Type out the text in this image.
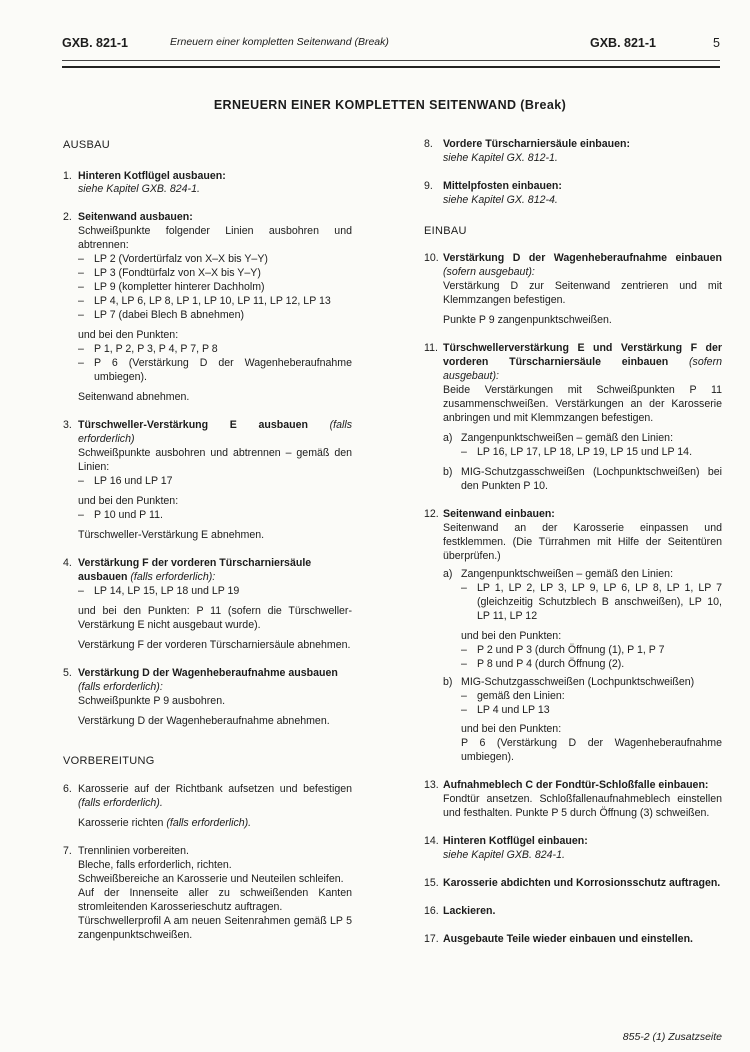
GXB. 821-1	Erneuern einer kompletten Seitenwand (Break)	GXB. 821-1	5
ERNEUERN EINER KOMPLETTEN SEITENWAND (Break)
AUSBAU
1. Hinteren Kotflügel ausbauen:

siehe Kapitel GXB. 824-1.

2. Seitenwand ausbauen:

Schweißpunkte folgender Linien ausbohren und abtrennen:

– LP 2 (Vordertürfalz von X–X bis Y–Y)

– LP 3 (Fondtürfalz von X–X bis Y–Y)

– LP 9 (kompletter hinterer Dachholm)

– LP 4, LP 6, LP 8, LP 1, LP 10, LP 11, LP 12, LP 13

– LP 7 (dabei Blech B abnehmen)

und bei den Punkten:

– P 1, P 2, P 3, P 4, P 7, P 8

– P 6 (Verstärkung D der Wagenheberaufnahme umbiegen).

Seitenwand abnehmen.

3. Türschweller-Verstärkung E ausbauen (falls erforderlich)

Schweißpunkte ausbohren und abtrennen – gemäß den Linien:

– LP 16 und LP 17

und bei den Punkten:

– P 10 und P 11.

Türschweller-Verstärkung E abnehmen.

4. Verstärkung F der vorderen Türscharniersäule ausbauen (falls erforderlich):

– LP 14, LP 15, LP 18 und LP 19

und bei den Punkten: P 11 (sofern die Türschweller-Verstärkung E nicht ausgebaut wurde).

Verstärkung F der vorderen Türscharniersäule abnehmen.

5. Verstärkung D der Wagenheberaufnahme ausbauen (falls erforderlich):

Schweißpunkte P 9 ausbohren.

Verstärkung D der Wagenheberaufnahme abnehmen.

VORBEREITUNG
6. Karosserie auf der Richtbank aufsetzen und befestigen (falls erforderlich).

Karosserie richten (falls erforderlich).

7. Trennlinien vorbereiten.

Bleche, falls erforderlich, richten.

Schweißbereiche an Karosserie und Neuteilen schleifen.

Auf der Innenseite aller zu schweißenden Kanten stromleitenden Karosserieschutz auftragen.

Türschwellerprofil A am neuen Seitenrahmen gemäß LP 5 zangenpunktschweißen.

8. Vordere Türscharniersäule einbauen:

siehe Kapitel GX. 812-1.

9. Mittelpfosten einbauen:

siehe Kapitel GX. 812-4.

EINBAU
10. Verstärkung D der Wagenheberaufnahme einbauen (sofern ausgebaut):

Verstärkung D zur Seitenwand zentrieren und mit Klemmzangen befestigen.

Punkte P 9 zangenpunktschweißen.

11. Türschwellerverstärkung E und Verstärkung F der vorderen Türscharniersäule einbauen (sofern ausgebaut):

Beide Verstärkungen mit Schweißpunkten P 11 zusammenschweißen. Verstärkungen an der Karosserie anbringen und mit Klemmzangen befestigen.

a) Zangenpunktschweißen – gemäß den Linien:

– LP 16, LP 17, LP 18, LP 19, LP 15 und LP 14.

b) MIG-Schutzgasschweißen (Lochpunktschweißen) bei den Punkten P 10.

12. Seitenwand einbauen:

Seitenwand an der Karosserie einpassen und festklemmen. (Die Türrahmen mit Hilfe der Seitentüren überprüfen.)

a) Zangenpunktschweißen – gemäß den Linien:

– LP 1, LP 2, LP 3, LP 9, LP 6, LP 8, LP 1, LP 7 (gleichzeitig Schutzblech B anschweißen), LP 10, LP 11, LP 12

und bei den Punkten:

– P 2 und P 3 (durch Öffnung (1), P 1, P 7

– P 8 und P 4 (durch Öffnung (2).

b) MIG-Schutzgasschweißen (Lochpunktschweißen)

– gemäß den Linien:

– LP 4 und LP 13

und bei den Punkten:

P 6 (Verstärkung D der Wagenheberaufnahme umbiegen).

13. Aufnahmeblech C der Fondtür-Schloßfalle einbauen:

Fondtür ansetzen. Schloßfallenaufnahmeblech einstellen und festhalten. Punkte P 5 durch Öffnung (3) schweißen.

14. Hinteren Kotflügel einbauen:

siehe Kapitel GXB. 824-1.

15. Karosserie abdichten und Korrosionsschutz auftragen.

16. Lackieren.

17. Ausgebaute Teile wieder einbauen und einstellen.

855-2 (1) Zusatzseite
